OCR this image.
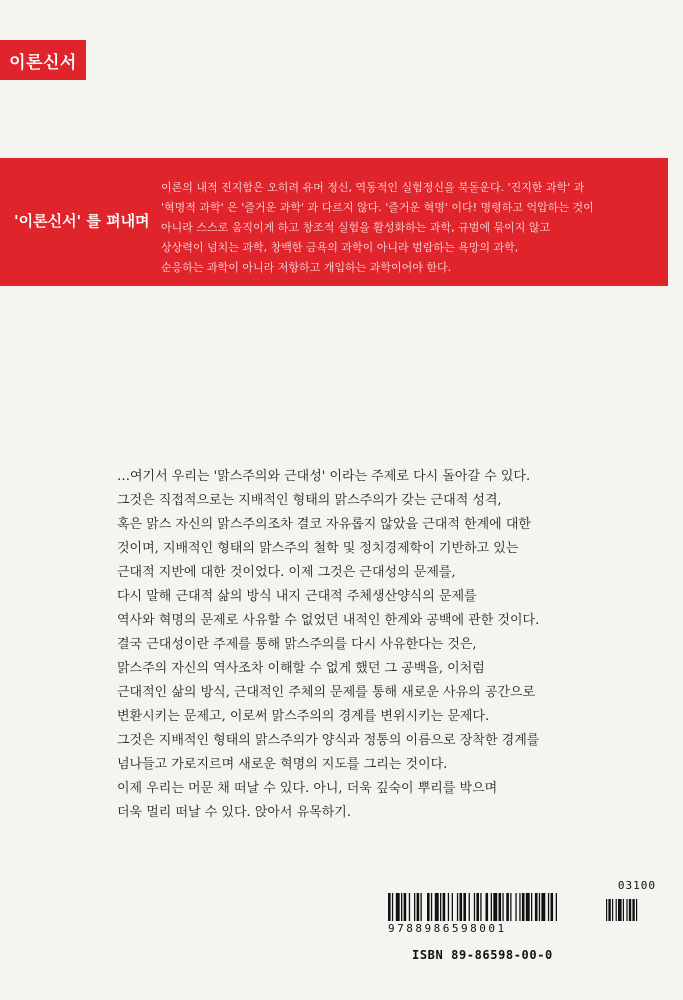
이론신서
'이론신서' 를 펴내며
이론의 내적 진지함은 오히려 유머 정신, 역동적인 실험정신을 북돋운다. '진지한 과학' 과
'혁명적 과학' 은 '즐거운 과학' 과 다르지 않다. '즐거운 혁명' 이다! 명령하고 억압하는 것이
아니라 스스로 움직이게 하고 창조적 실험을 활성화하는 과학, 규범에 묶이지 않고
상상력이 넘치는 과학, 창백한 금욕의 과학이 아니라 범람하는 욕망의 과학,
순응하는 과학이 아니라 저항하고 개입하는 과학이어야 한다.
…여기서 우리는 '맑스주의와 근대성' 이라는 주제로 다시 돌아갈 수 있다.
그것은 직접적으로는 지배적인 형태의 맑스주의가 갖는 근대적 성격,
혹은 맑스 자신의 맑스주의조차 결코 자유롭지 않았을 근대적 한계에 대한
것이며, 지배적인 형태의 맑스주의 철학 및 정치경제학이 기반하고 있는
근대적 지반에 대한 것이었다. 이제 그것은 근대성의 문제를,
다시 말해 근대적 삶의 방식 내지 근대적 주체생산양식의 문제를
역사와 혁명의 문제로 사유할 수 없었던 내적인 한계와 공백에 관한 것이다.
결국 근대성이란 주제를 통해 맑스주의를 다시 사유한다는 것은,
맑스주의 자신의 역사조차 이해할 수 없게 했던 그 공백을, 이처럼
근대적인 삶의 방식, 근대적인 주체의 문제를 통해 새로운 사유의 공간으로
변환시키는 문제고, 이로써 맑스주의의 경계를 변위시키는 문제다.
그것은 지배적인 형태의 맑스주의가 양식과 정통의 이름으로 장착한 경계를
넘나들고 가로지르며 새로운 혁명의 지도를 그리는 것이다.
이제 우리는 머문 채 떠날 수 있다. 아니, 더욱 깊숙이 뿌리를 박으며
더욱 멀리 떠날 수 있다. 앉아서 유목하기.
03100
9788986598001
ISBN 89-86598-00-0
